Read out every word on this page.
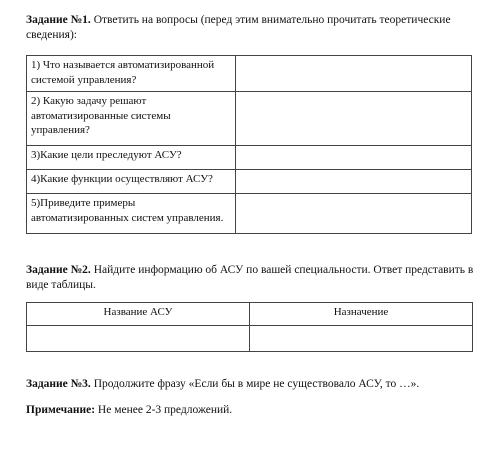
Задание №1. Ответить на вопросы (перед этим внимательно прочитать теоретические сведения):
1) Что называется автоматизированной системой управления?	
2) Какую задачу решают автоматизированные системы управления?	
3)Какие цели преследуют АСУ?	
4)Какие функции осуществляют АСУ?	
5)Приведите примеры автоматизированных систем управления.	
Задание №2. Найдите информацию об АСУ по вашей специальности. Ответ представить в виде таблицы.
Название АСУ	Назначение

Задание №3. Продолжите фразу «Если бы в мире не существовало АСУ, то …».
Примечание: Не менее 2-3 предложений.
